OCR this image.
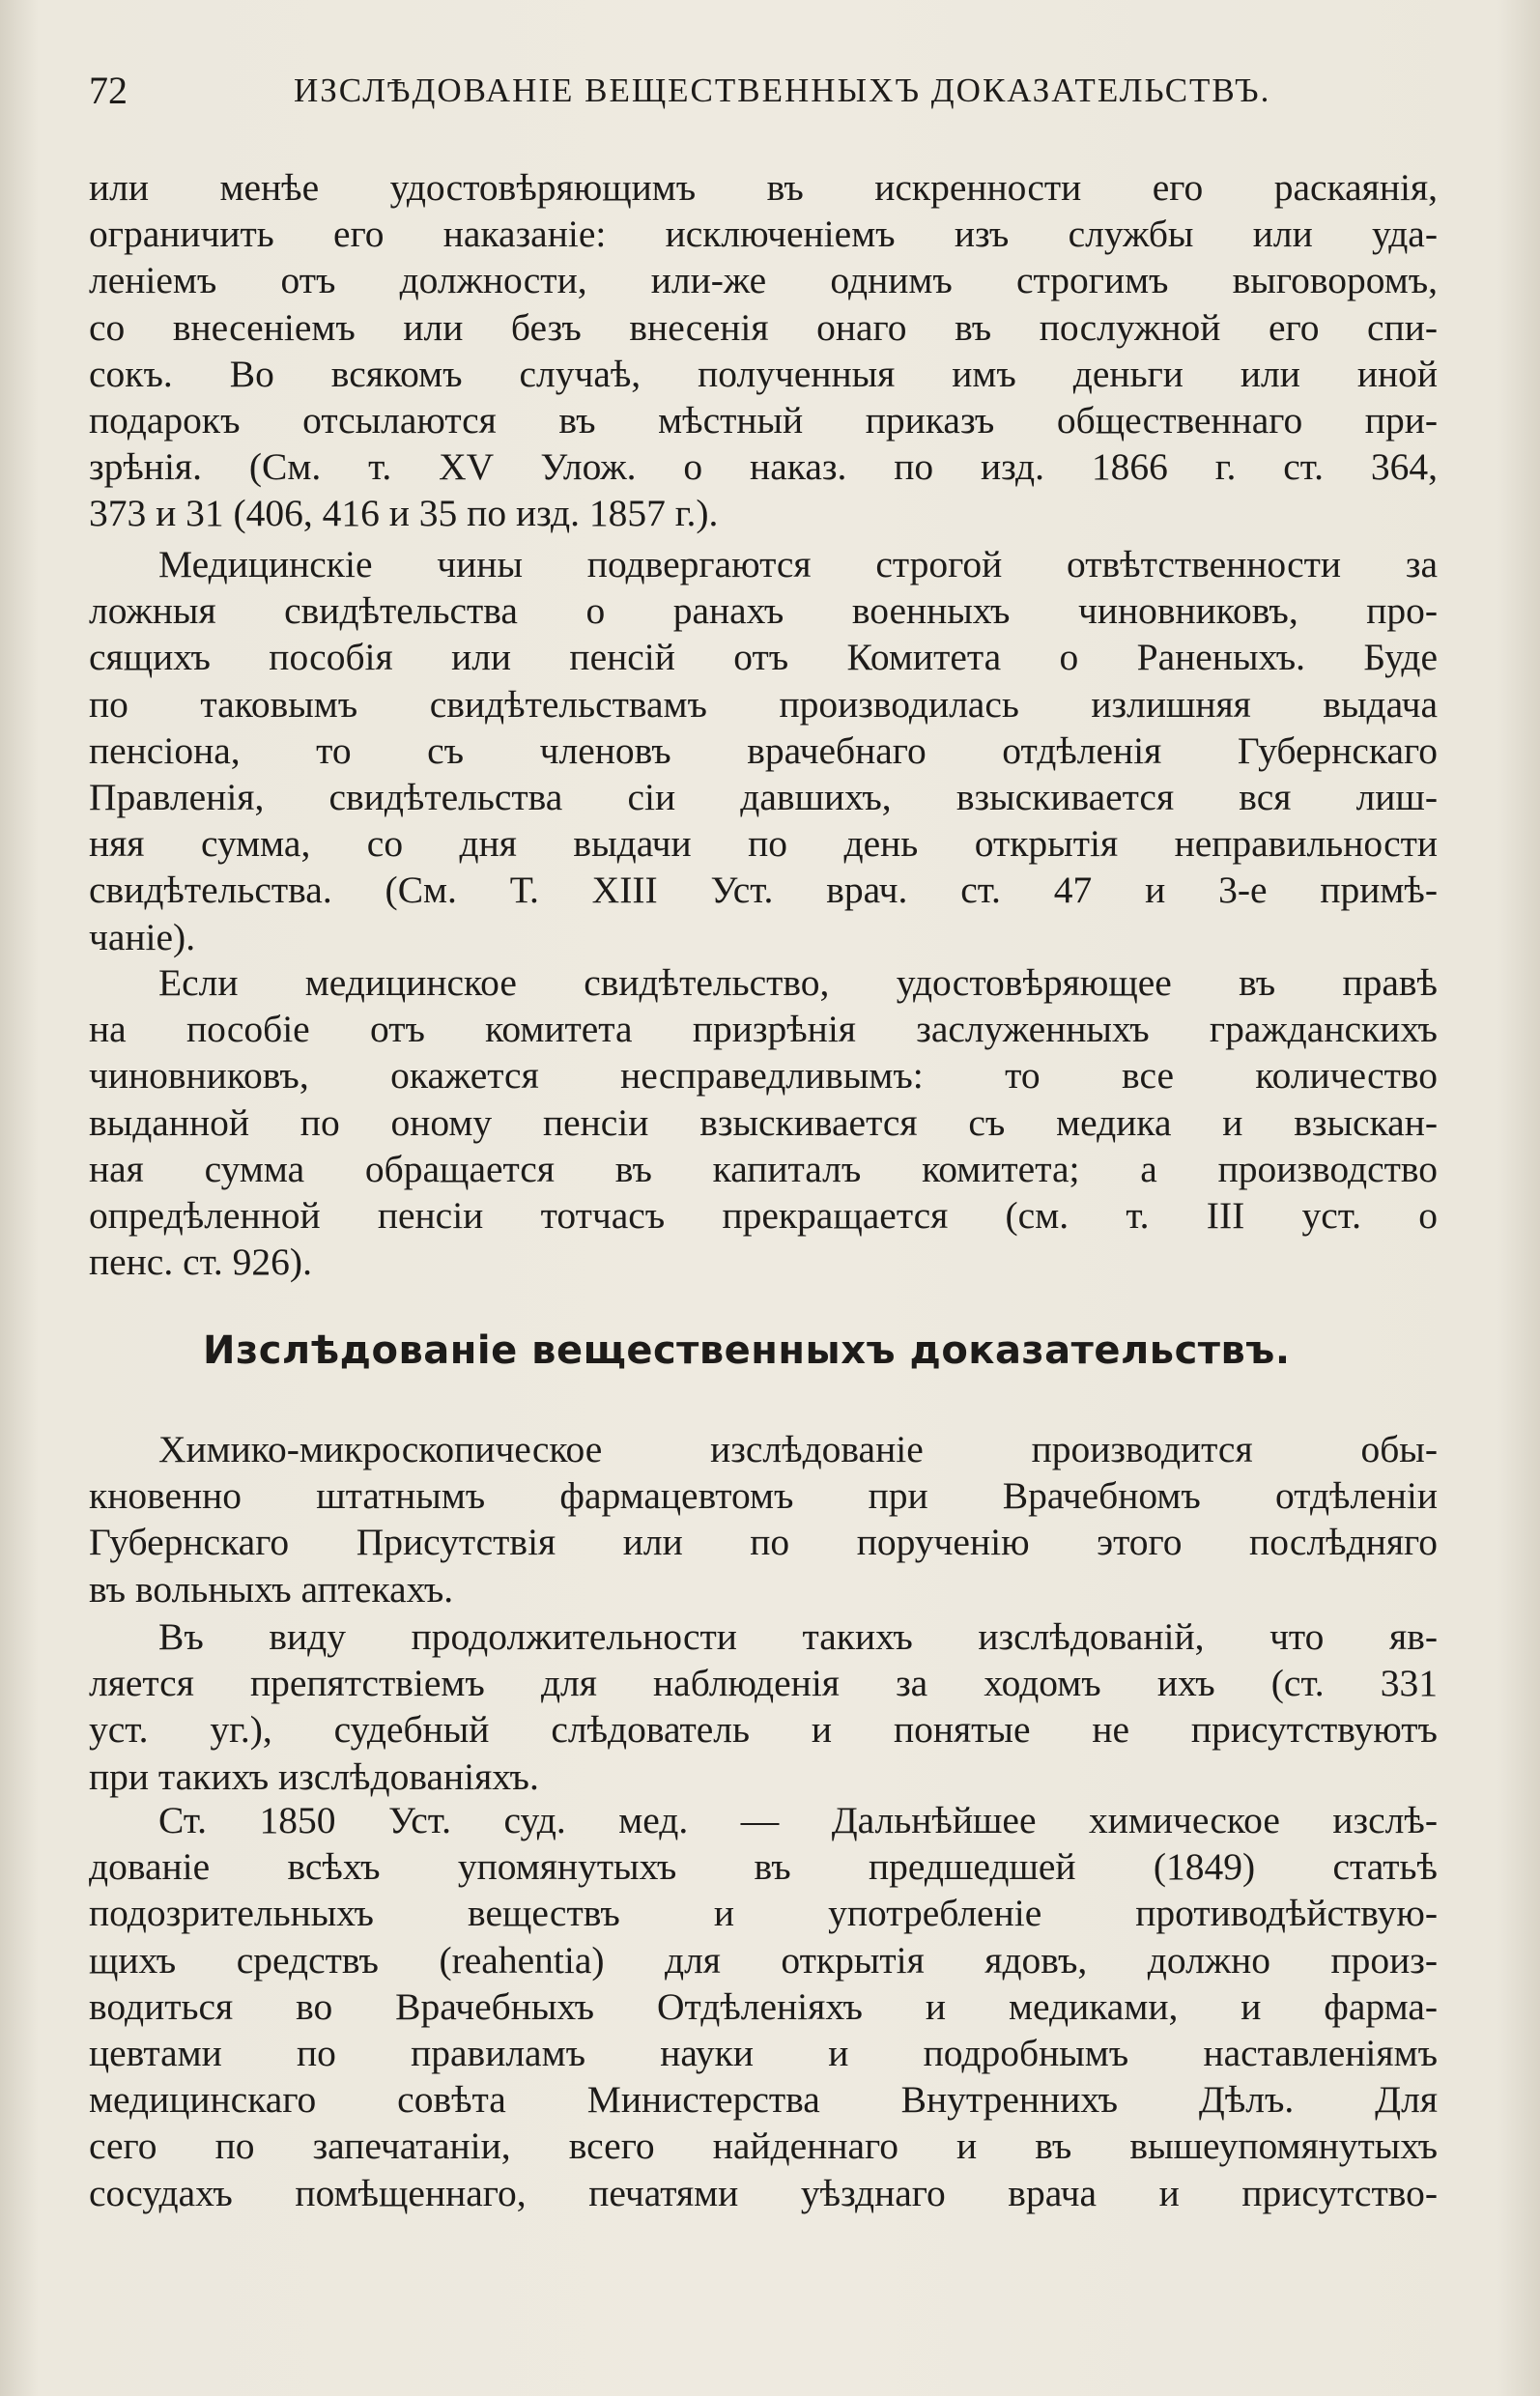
72	ИЗСЛѢДОВАНІЕ ВЕЩЕСТВЕННЫХЪ ДОКАЗАТЕЛЬСТВЪ.

или менѣе удостовѣряющимъ въ искренности его раскаянія,
ограничить его наказаніе: исключеніемъ изъ службы или уда-
леніемъ отъ должности, или-же однимъ строгимъ выговоромъ,
со внесеніемъ или безъ внесенія онаго въ послужной его спи-
сокъ. Во всякомъ случаѣ, полученныя имъ деньги или иной
подарокъ отсылаются въ мѣстный приказъ общественнаго при-
зрѣнія. (См. т. XV Улож. о наказ. по изд. 1866 г. ст. 364,
373 и 31 (406, 416 и 35 по изд. 1857 г.).

Медицинскіе чины подвергаются строгой отвѣтственности за
ложныя свидѣтельства о ранахъ военныхъ чиновниковъ, про-
сящихъ пособія или пенсій отъ Комитета о Раненыхъ. Буде
по таковымъ свидѣтельствамъ производилась излишняя выдача
пенсіона, то съ членовъ врачебнаго отдѣленія Губернскаго
Правленія, свидѣтельства сіи давшихъ, взыскивается вся лиш-
няя сумма, со дня выдачи по день открытія неправильности
свидѣтельства. (См. Т. XIII Уст. врач. ст. 47 и 3-е примѣ-
чаніе).

Если медицинское свидѣтельство, удостовѣряющее въ правѣ
на пособіе отъ комитета призрѣнія заслуженныхъ гражданскихъ
чиновниковъ, окажется несправедливымъ: то все количество
выданной по оному пенсіи взыскивается съ медика и взыскан-
ная сумма обращается въ капиталъ комитета; а производство
опредѣленной пенсіи тотчасъ прекращается (см. т. III уст. о
пенс. ст. 926).

Изслѣдованіе вещественныхъ доказательствъ.

Химико-микроскопическое изслѣдованіе производится обы-
кновенно штатнымъ фармацевтомъ при Врачебномъ отдѣленіи
Губернскаго Присутствія или по порученію этого послѣдняго
въ вольныхъ аптекахъ.

Въ виду продолжительности такихъ изслѣдованій, что яв-
ляется препятствіемъ для наблюденія за ходомъ ихъ (ст. 331
уст. уг.), судебный слѣдователь и понятые не присутствуютъ
при такихъ изслѣдованіяхъ.

Ст. 1850 Уст. суд. мед. — Дальнѣйшее химическое изслѣ-
дованіе всѣхъ упомянутыхъ въ предшедшей (1849) статьѣ
подозрительныхъ веществъ и употребленіе противодѣйствую-
щихъ средствъ (reahentia) для открытія ядовъ, должно произ-
водиться во Врачебныхъ Отдѣленіяхъ и медиками, и фарма-
цевтами по правиламъ науки и подробнымъ наставленіямъ
медицинскаго совѣта Министерства Внутреннихъ Дѣлъ. Для
сего по запечатаніи, всего найденнаго и въ вышеупомянутыхъ
сосудахъ помѣщеннаго, печатями уѣзднаго врача и присутство-
